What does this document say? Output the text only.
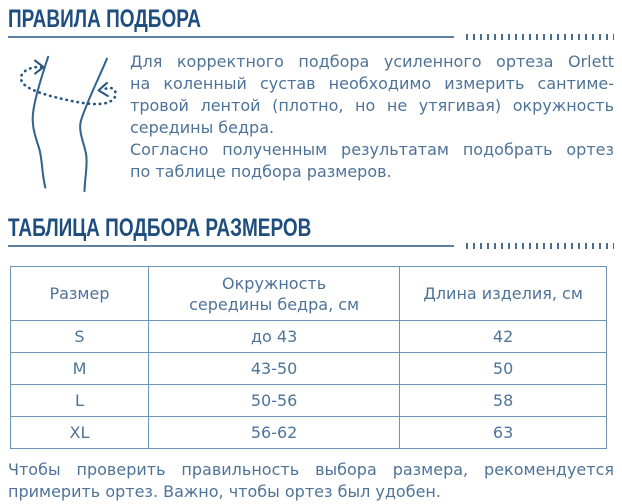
ПРАВИЛА ПОДБОРА
Для корректного подбора усиленного ортеза Orlett
на коленный сустав необходимо измерить сантиме-
тровой лентой (плотно, но не утягивая) окружность
середины бедра.
Согласно полученным результатам подобрать ортез
по таблице подбора размеров.
ТАБЛИЦА ПОДБОРА РАЗМЕРОВ
Размер	Окружность середины бедра, см	Длина изделия, см
S	до 43	42
M	43-50	50
L	50-56	58
XL	56-62	63
Чтобы проверить правильность выбора размера, рекомендуется
примерить ортез. Важно, чтобы ортез был удобен.
